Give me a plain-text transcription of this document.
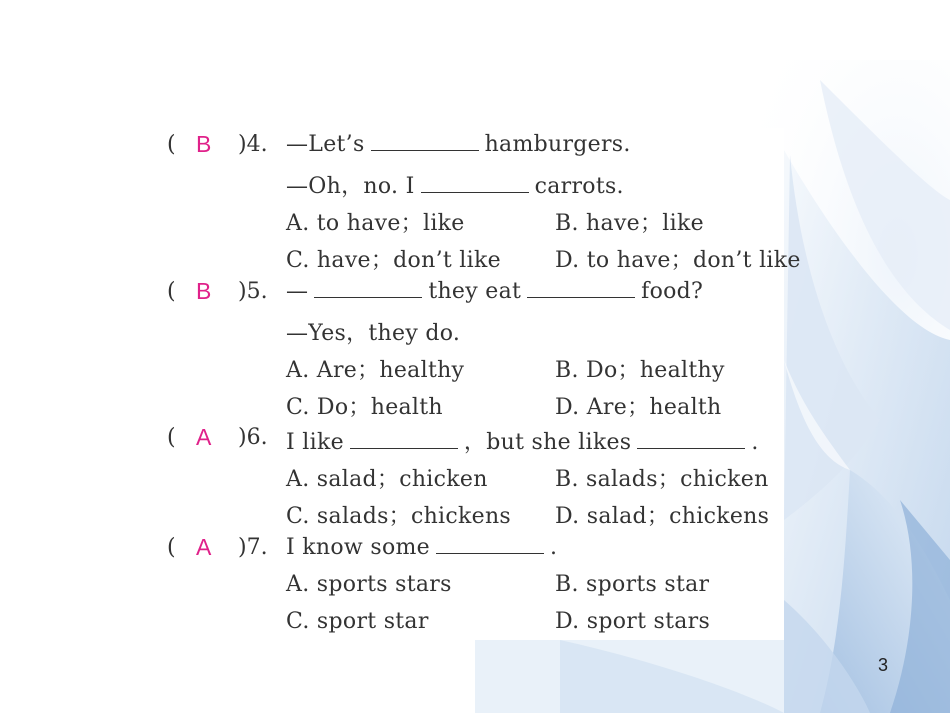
( B )4. —Let’s	hamburgers.
—Oh，no. I	carrots.
A. to have；like	B. have；like
C. have；don’t like D. to have；don’t like
( B )5. —	they eat	food?
—Yes，they do.
A. Are；healthy	B. Do；healthy
C. Do；health	D. Are；health
( A )6. I like	，but she likes	.
A. salad；chicken	B. salads；chicken
C. salads；chickens D. salad；chickens
( A )7. I know some	.
A. sports stars	B. sports star
C. sport star	D. sport stars
3
